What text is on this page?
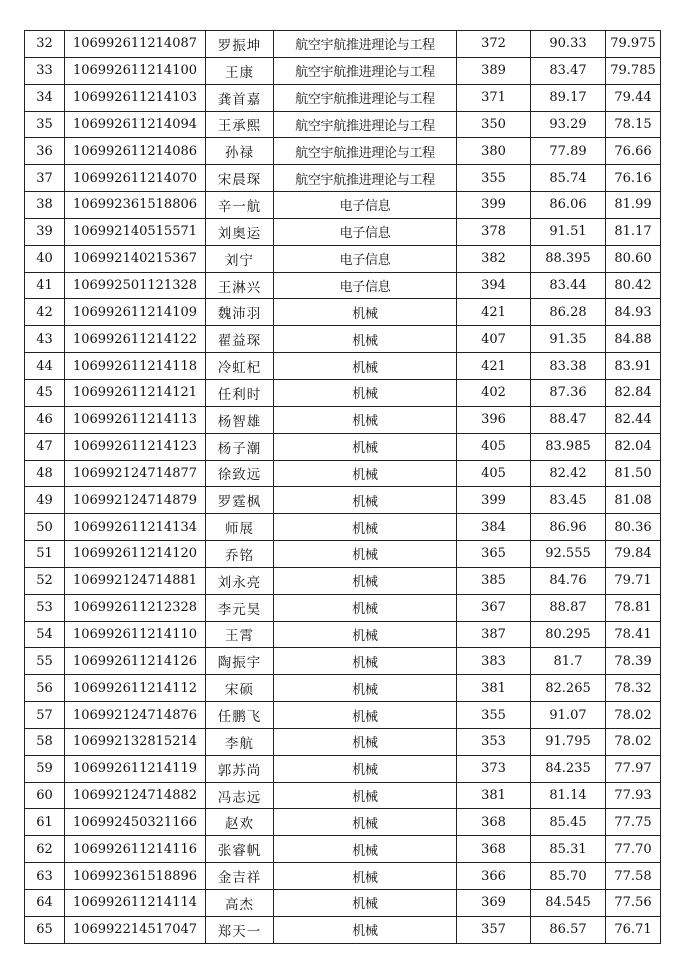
32	106992611214087	罗振坤	航空宇航推进理论与工程	372	90.33	79.975
33	106992611214100	王康	航空宇航推进理论与工程	389	83.47	79.785
34	106992611214103	龚首嘉	航空宇航推进理论与工程	371	89.17	79.44
35	106992611214094	王承熙	航空宇航推进理论与工程	350	93.29	78.15
36	106992611214086	孙禄	航空宇航推进理论与工程	380	77.89	76.66
37	106992611214070	宋晨琛	航空宇航推进理论与工程	355	85.74	76.16
38	106992361518806	辛一航	电子信息	399	86.06	81.99
39	106992140515571	刘奥运	电子信息	378	91.51	81.17
40	106992140215367	刘宁	电子信息	382	88.395	80.60
41	106992501121328	王淋兴	电子信息	394	83.44	80.42
42	106992611214109	魏沛羽	机械	421	86.28	84.93
43	106992611214122	翟益琛	机械	407	91.35	84.88
44	106992611214118	冷虹杞	机械	421	83.38	83.91
45	106992611214121	任利时	机械	402	87.36	82.84
46	106992611214113	杨智雄	机械	396	88.47	82.44
47	106992611214123	杨子潮	机械	405	83.985	82.04
48	106992124714877	徐致远	机械	405	82.42	81.50
49	106992124714879	罗霆枫	机械	399	83.45	81.08
50	106992611214134	师展	机械	384	86.96	80.36
51	106992611214120	乔铭	机械	365	92.555	79.84
52	106992124714881	刘永亮	机械	385	84.76	79.71
53	106992611212328	李元昊	机械	367	88.87	78.81
54	106992611214110	王霄	机械	387	80.295	78.41
55	106992611214126	陶振宇	机械	383	81.7	78.39
56	106992611214112	宋硕	机械	381	82.265	78.32
57	106992124714876	任鹏飞	机械	355	91.07	78.02
58	106992132815214	李航	机械	353	91.795	78.02
59	106992611214119	郭苏尚	机械	373	84.235	77.97
60	106992124714882	冯志远	机械	381	81.14	77.93
61	106992450321166	赵欢	机械	368	85.45	77.75
62	106992611214116	张睿帆	机械	368	85.31	77.70
63	106992361518896	金吉祥	机械	366	85.70	77.58
64	106992611214114	高杰	机械	369	84.545	77.56
65	106992214517047	郑天一	机械	357	86.57	76.71
